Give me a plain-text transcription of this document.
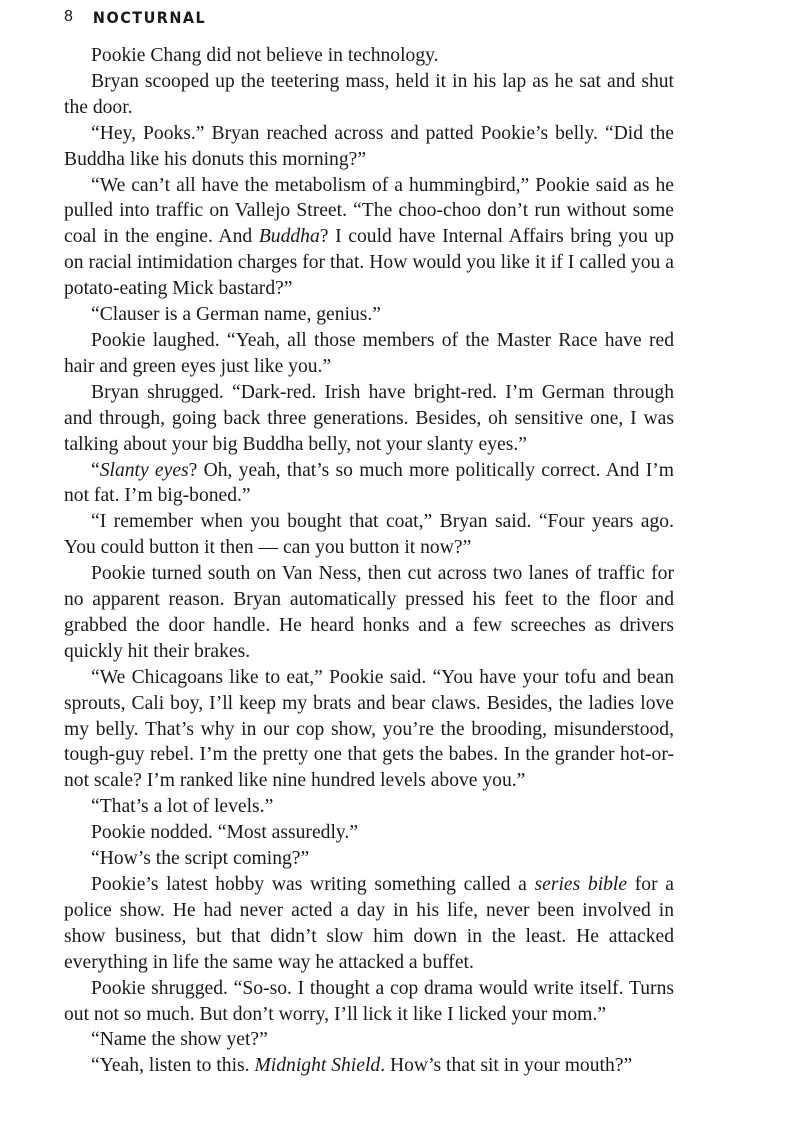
8 NOCTURNAL

Pookie Chang did not believe in technology.

Bryan scooped up the teetering mass, held it in his lap as he sat and shut the door.

“Hey, Pooks.” Bryan reached across and patted Pookie’s belly. “Did the Buddha like his donuts this morning?”

“We can’t all have the metabolism of a hummingbird,” Pookie said as he pulled into traffic on Vallejo Street. “The choo-choo don’t run without some coal in the engine. And Buddha? I could have Internal Affairs bring you up on racial intimidation charges for that. How would you like it if I called you a potato-eating Mick bastard?”

“Clauser is a German name, genius.”

Pookie laughed. “Yeah, all those members of the Master Race have red hair and green eyes just like you.”

Bryan shrugged. “Dark-red. Irish have bright-red. I’m German through and through, going back three generations. Besides, oh sensitive one, I was talking about your big Buddha belly, not your slanty eyes.”

“Slanty eyes? Oh, yeah, that’s so much more politically correct. And I’m not fat. I’m big-boned.”

“I remember when you bought that coat,” Bryan said. “Four years ago. You could button it then — can you button it now?”

Pookie turned south on Van Ness, then cut across two lanes of traffic for no apparent reason. Bryan automatically pressed his feet to the floor and grabbed the door handle. He heard honks and a few screeches as drivers quickly hit their brakes.

“We Chicagoans like to eat,” Pookie said. “You have your tofu and bean sprouts, Cali boy, I’ll keep my brats and bear claws. Besides, the ladies love my belly. That’s why in our cop show, you’re the brooding, misunderstood, tough-guy rebel. I’m the pretty one that gets the babes. In the grander hot-or-not scale? I’m ranked like nine hundred levels above you.”

“That’s a lot of levels.”

Pookie nodded. “Most assuredly.”

“How’s the script coming?”

Pookie’s latest hobby was writing something called a series bible for a police show. He had never acted a day in his life, never been involved in show business, but that didn’t slow him down in the least. He attacked everything in life the same way he attacked a buffet.

Pookie shrugged. “So-so. I thought a cop drama would write itself. Turns out not so much. But don’t worry, I’ll lick it like I licked your mom.”

“Name the show yet?”

“Yeah, listen to this. Midnight Shield. How’s that sit in your mouth?”
